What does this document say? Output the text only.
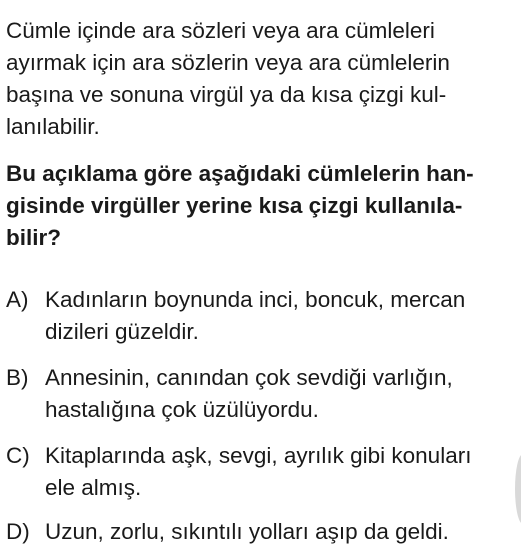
Cümle içinde ara sözleri veya ara cümleleri
ayırmak için ara sözlerin veya ara cümlelerin
başına ve sonuna virgül ya da kısa çizgi kul-
lanılabilir.
Bu açıklama göre aşağıdaki cümlelerin han-
gisinde virgüller yerine kısa çizgi kullanıla-
bilir?
A) Kadınların boynunda inci, boncuk, mercan
dizileri güzeldir.
B) Annesinin, canından çok sevdiği varlığın,
hastalığına çok üzülüyordu.
C) Kitaplarında aşk, sevgi, ayrılık gibi konuları
ele almış.
D) Uzun, zorlu, sıkıntılı yolları aşıp da geldi.
